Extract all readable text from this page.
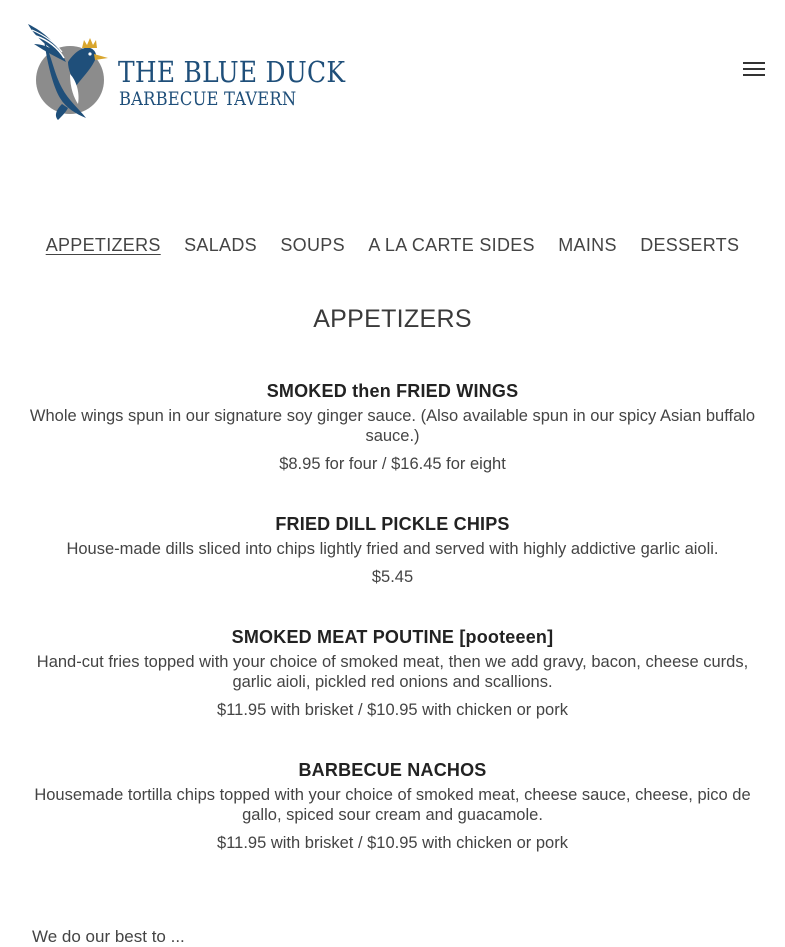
THE BLUE DUCK
BARBECUE TAVERN
APPETIZERS SALADS SOUPS A LA CARTE SIDES MAINS DESSERTS
APPETIZERS
SMOKED then FRIED WINGS
Whole wings spun in our signature soy ginger sauce. (Also available spun in our spicy Asian buffalo sauce.)
$8.95 for four / $16.45 for eight
FRIED DILL PICKLE CHIPS
House-made dills sliced into chips lightly fried and served with highly addictive garlic aioli.
$5.45
SMOKED MEAT POUTINE [pooteeen]
Hand-cut fries topped with your choice of smoked meat, then we add gravy, bacon, cheese curds, garlic aioli, pickled red onions and scallions.
$11.95 with brisket / $10.95 with chicken or pork
BARBECUE NACHOS
Housemade tortilla chips topped with your choice of smoked meat, cheese sauce, cheese, pico de gallo, spiced sour cream and guacamole.
$11.95 with brisket / $10.95 with chicken or pork
We do our best to ...
